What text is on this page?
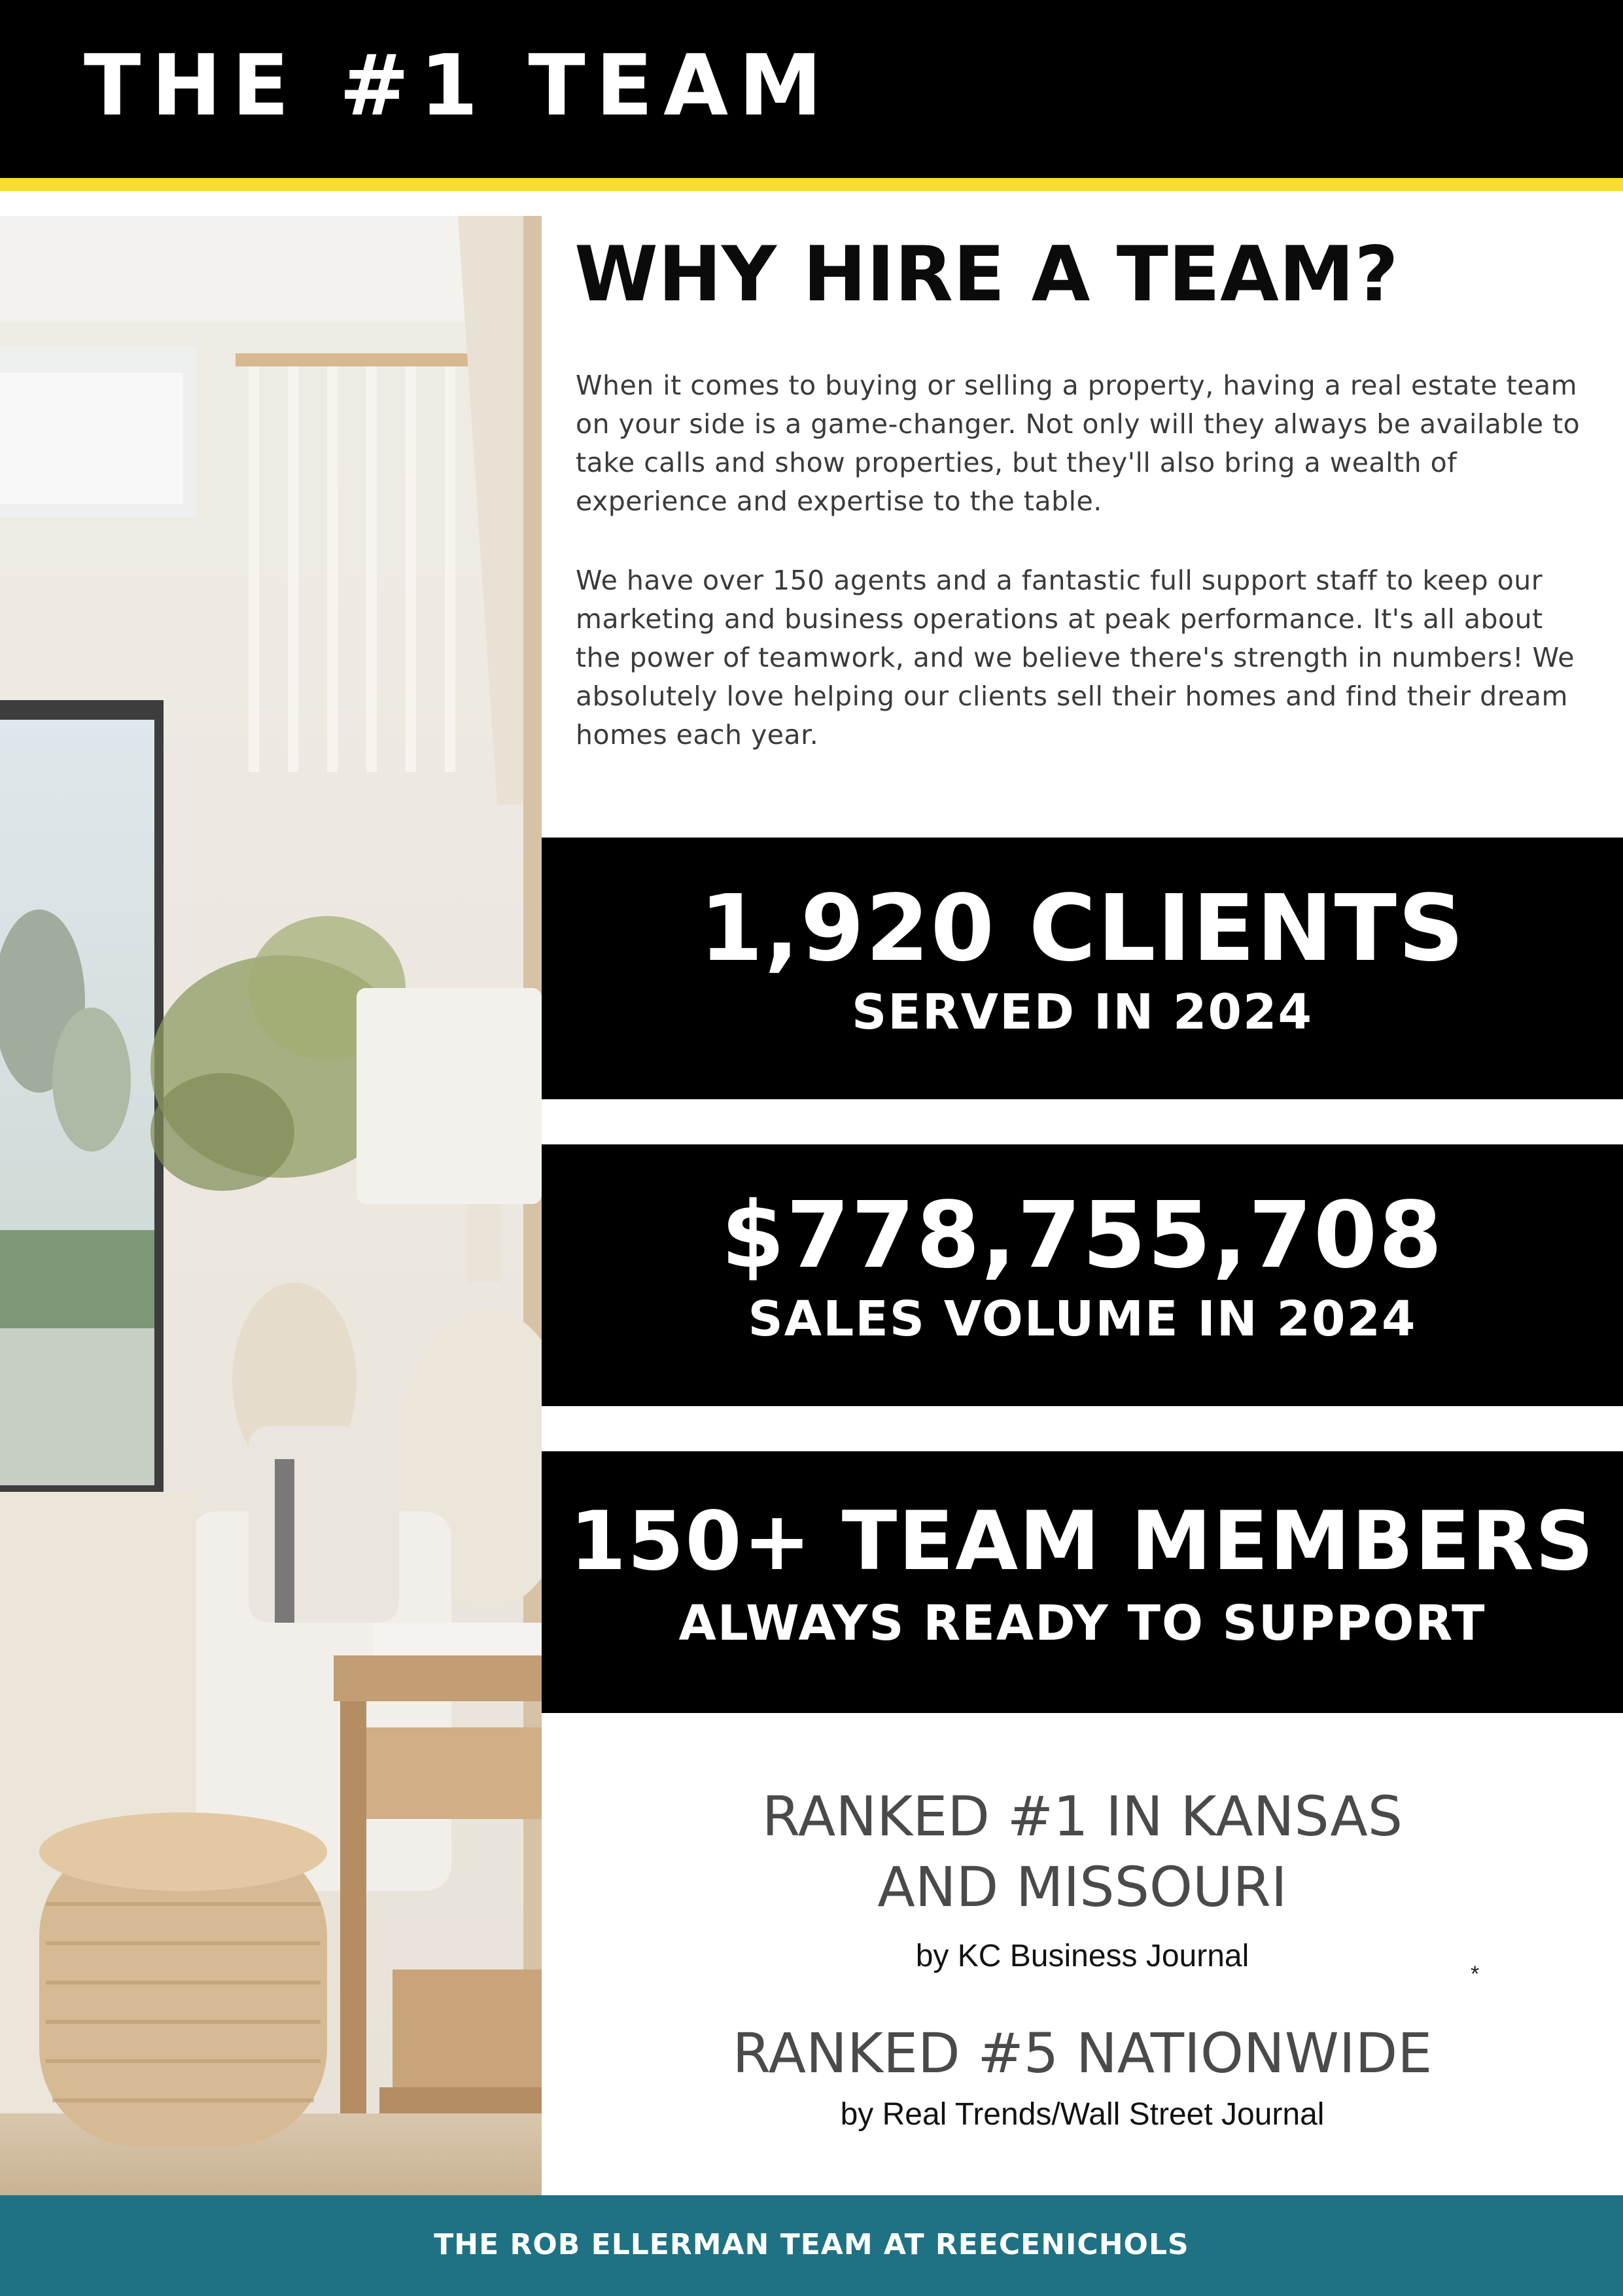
THE #1 TEAM
WHY HIRE A TEAM?

When it comes to buying or selling a property, having a real estate team on your side is a game-changer. Not only will they always be available to take calls and show properties, but they'll also bring a wealth of experience and expertise to the table.

We have over 150 agents and a fantastic full support staff to keep our marketing and business operations at peak performance. It's all about the power of teamwork, and we believe there's strength in numbers! We absolutely love helping our clients sell their homes and find their dream homes each year.

1,920 CLIENTS
SERVED IN 2024
$778,755,708
SALES VOLUME IN 2024
150+ TEAM MEMBERS
ALWAYS READY TO SUPPORT
RANKED #1 IN KANSAS
AND MISSOURI
by KC Business Journal
*
RANKED #5 NATIONWIDE
by Real Trends/Wall Street Journal
THE ROB ELLERMAN TEAM AT REECENICHOLS
